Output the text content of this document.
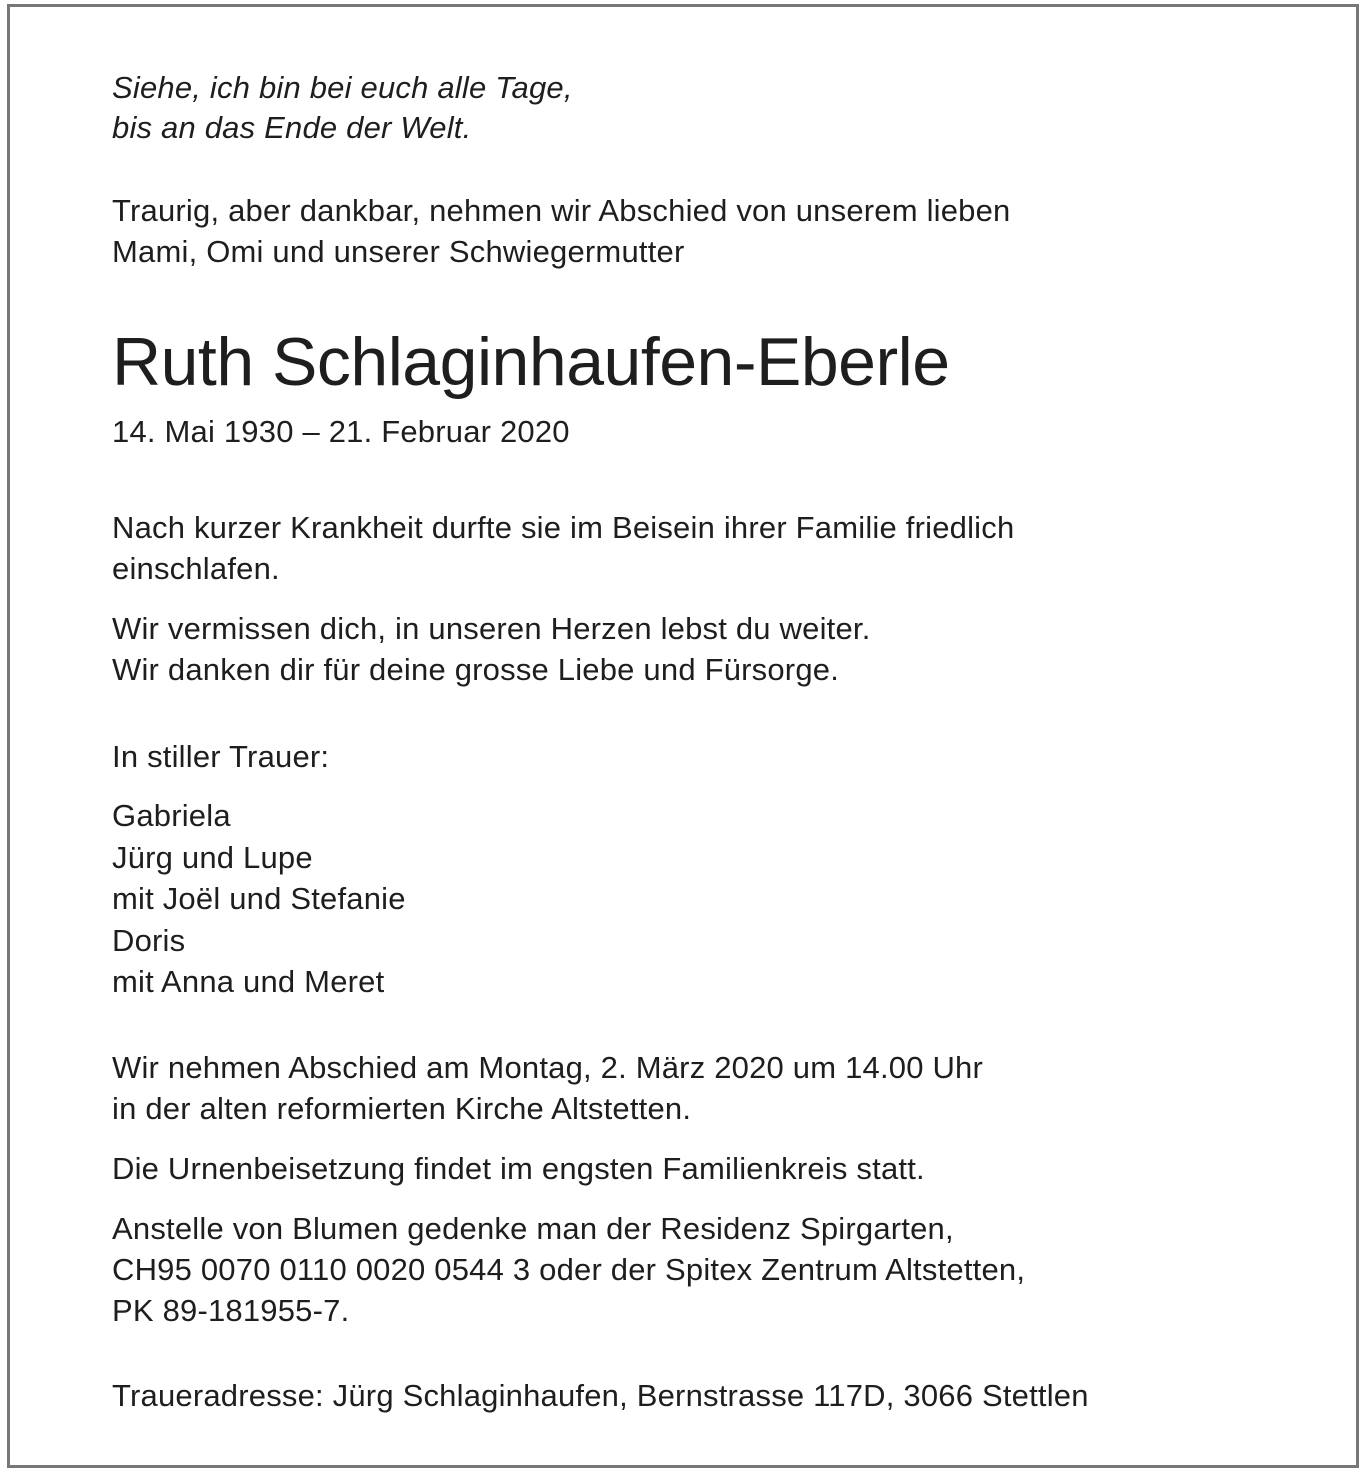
Siehe, ich bin bei euch alle Tage,
bis an das Ende der Welt.
Traurig, aber dankbar, nehmen wir Abschied von unserem lieben
Mami, Omi und unserer Schwiegermutter
Ruth Schlaginhaufen-Eberle
14. Mai 1930 – 21. Februar 2020
Nach kurzer Krankheit durfte sie im Beisein ihrer Familie friedlich
einschlafen.
Wir vermissen dich, in unseren Herzen lebst du weiter.
Wir danken dir für deine grosse Liebe und Fürsorge.
In stiller Trauer:
Gabriela
Jürg und Lupe
mit Joël und Stefanie
Doris
mit Anna und Meret
Wir nehmen Abschied am Montag, 2. März 2020 um 14.00 Uhr
in der alten reformierten Kirche Altstetten.
Die Urnenbeisetzung findet im engsten Familienkreis statt.
Anstelle von Blumen gedenke man der Residenz Spirgarten,
CH95 0070 0110 0020 0544 3 oder der Spitex Zentrum Altstetten,
PK 89-181955-7.
Traueradresse: Jürg Schlaginhaufen, Bernstrasse 117D, 3066 Stettlen
